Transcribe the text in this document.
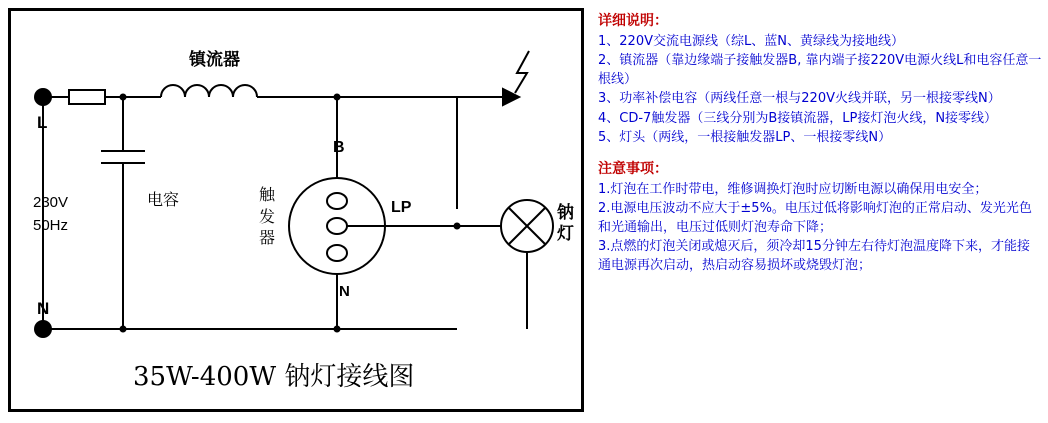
镇流器
L
N
230V
50Hz
电容	触发器
B
LP
N
钠灯
35W-400W 钠灯接线图
详细说明：
1、220V交流电源线（综L、蓝N、黄绿线为接地线）
2、镇流器（靠边缘端子接触发器B, 靠内端子接220V电源火线L和电容任意一根线）
3、功率补偿电容（两线任意一根与220V火线并联，另一根接零线N）
4、CD-7触发器（三线分别为B接镇流器，LP接灯泡火线，N接零线）
5、灯头（两线，一根接触发器LP、一根接零线N）
注意事项：
1.灯泡在工作时带电，维修调换灯泡时应切断电源以确保用电安全；
2.电源电压波动不应大于±5%。电压过低将影响灯泡的正常启动、发光光色和光通输出，电压过低则灯泡寿命下降；
3.点燃的灯泡关闭或熄灭后，须冷却15分钟左右待灯泡温度降下来，才能接通电源再次启动，热启动容易损坏或烧毁灯泡；
